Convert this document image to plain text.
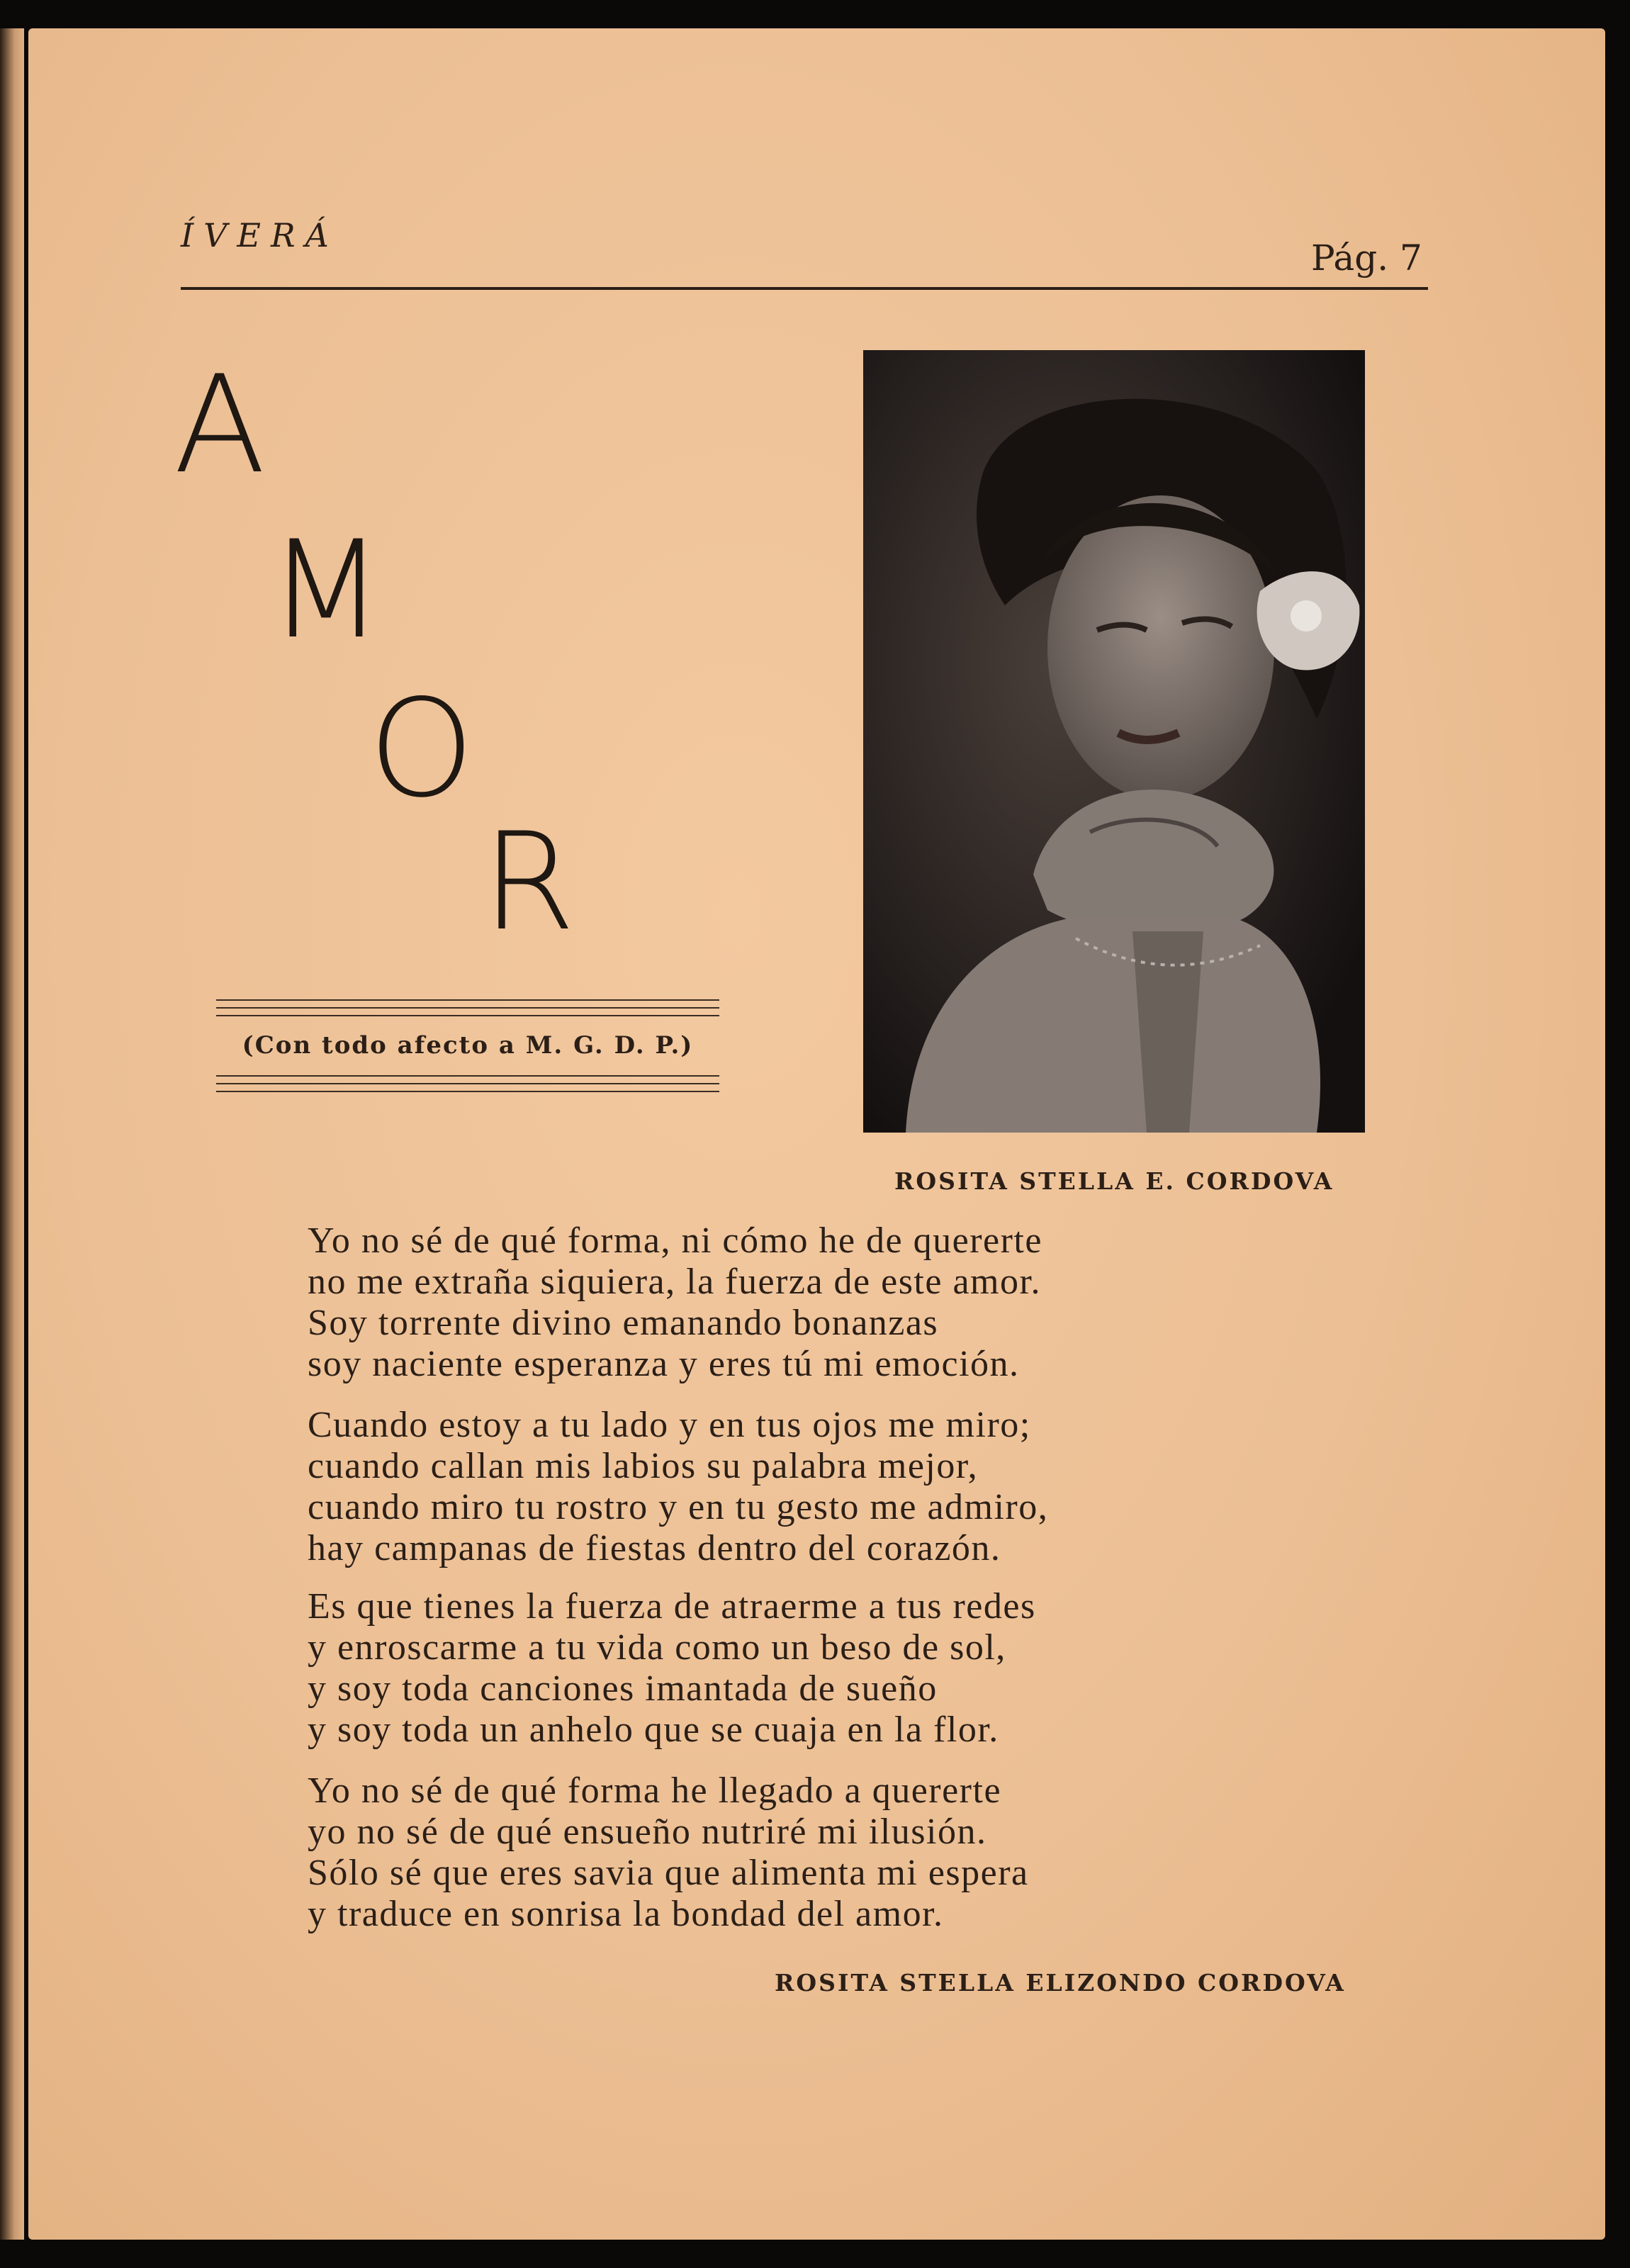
ÍVERÁ
Pág. 7
A
M
O
R
(Con todo afecto a M. G. D. P.)
ROSITA STELLA E. CORDOVA
Yo no sé de qué forma, ni cómo he de quererte
no me extraña siquiera, la fuerza de este amor.
Soy torrente divino emanando bonanzas
soy naciente esperanza y eres tú mi emoción.
Cuando estoy a tu lado y en tus ojos me miro;
cuando callan mis labios su palabra mejor,
cuando miro tu rostro y en tu gesto me admiro,
hay campanas de fiestas dentro del corazón.
Es que tienes la fuerza de atraerme a tus redes
y enroscarme a tu vida como un beso de sol,
y soy toda canciones imantada de sueño
y soy toda un anhelo que se cuaja en la flor.
Yo no sé de qué forma he llegado a quererte
yo no sé de qué ensueño nutriré mi ilusión.
Sólo sé que eres savia que alimenta mi espera
y traduce en sonrisa la bondad del amor.
ROSITA STELLA ELIZONDO CORDOVA
